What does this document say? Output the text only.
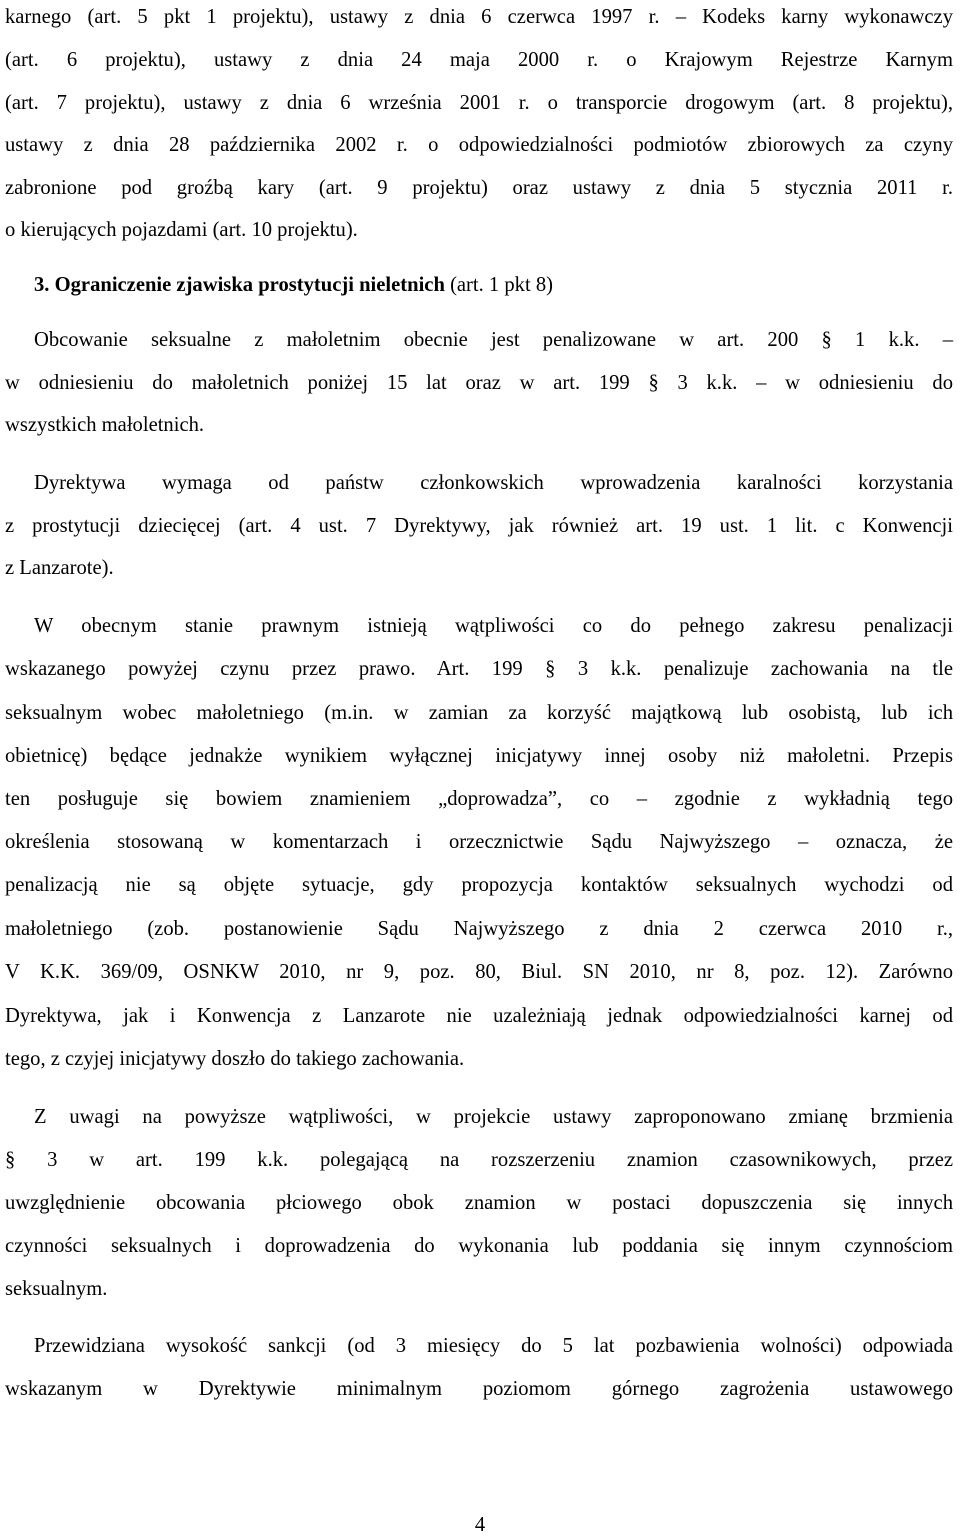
karnego (art. 5 pkt 1 projektu), ustawy z dnia 6 czerwca 1997 r. – Kodeks karny wykonawczy
(art. 6 projektu), ustawy z dnia 24 maja 2000 r. o Krajowym Rejestrze Karnym
(art. 7 projektu), ustawy z dnia 6 września 2001 r. o transporcie drogowym (art. 8 projektu),
ustawy z dnia 28 października 2002 r. o odpowiedzialności podmiotów zbiorowych za czyny
zabronione pod groźbą kary (art. 9 projektu) oraz ustawy z dnia 5 stycznia 2011 r.
o kierujących pojazdami (art. 10 projektu).
3. Ograniczenie zjawiska prostytucji nieletnich (art. 1 pkt 8)
Obcowanie seksualne z małoletnim obecnie jest penalizowane w art. 200 § 1 k.k. –
w odniesieniu do małoletnich poniżej 15 lat oraz w art. 199 § 3 k.k. – w odniesieniu do
wszystkich małoletnich.
Dyrektywa wymaga od państw członkowskich wprowadzenia karalności korzystania
z prostytucji dziecięcej (art. 4 ust. 7 Dyrektywy, jak również art. 19 ust. 1 lit. c Konwencji
z Lanzarote).
W obecnym stanie prawnym istnieją wątpliwości co do pełnego zakresu penalizacji
wskazanego powyżej czynu przez prawo. Art. 199 § 3 k.k. penalizuje zachowania na tle
seksualnym wobec małoletniego (m.in. w zamian za korzyść majątkową lub osobistą, lub ich
obietnicę) będące jednakże wynikiem wyłącznej inicjatywy innej osoby niż małoletni. Przepis
ten posługuje się bowiem znamieniem „doprowadza”, co – zgodnie z wykładnią tego
określenia stosowaną w komentarzach i orzecznictwie Sądu Najwyższego – oznacza, że
penalizacją nie są objęte sytuacje, gdy propozycja kontaktów seksualnych wychodzi od
małoletniego (zob. postanowienie Sądu Najwyższego z dnia 2 czerwca 2010 r.,
V K.K. 369/09, OSNKW 2010, nr 9, poz. 80, Biul. SN 2010, nr 8, poz. 12). Zarówno
Dyrektywa, jak i Konwencja z Lanzarote nie uzależniają jednak odpowiedzialności karnej od
tego, z czyjej inicjatywy doszło do takiego zachowania.
Z uwagi na powyższe wątpliwości, w projekcie ustawy zaproponowano zmianę brzmienia
§ 3 w art. 199 k.k. polegającą na rozszerzeniu znamion czasownikowych, przez
uwzględnienie obcowania płciowego obok znamion w postaci dopuszczenia się innych
czynności seksualnych i doprowadzenia do wykonania lub poddania się innym czynnościom
seksualnym.
Przewidziana wysokość sankcji (od 3 miesięcy do 5 lat pozbawienia wolności) odpowiada
wskazanym w Dyrektywie minimalnym poziomom górnego zagrożenia ustawowego
4
